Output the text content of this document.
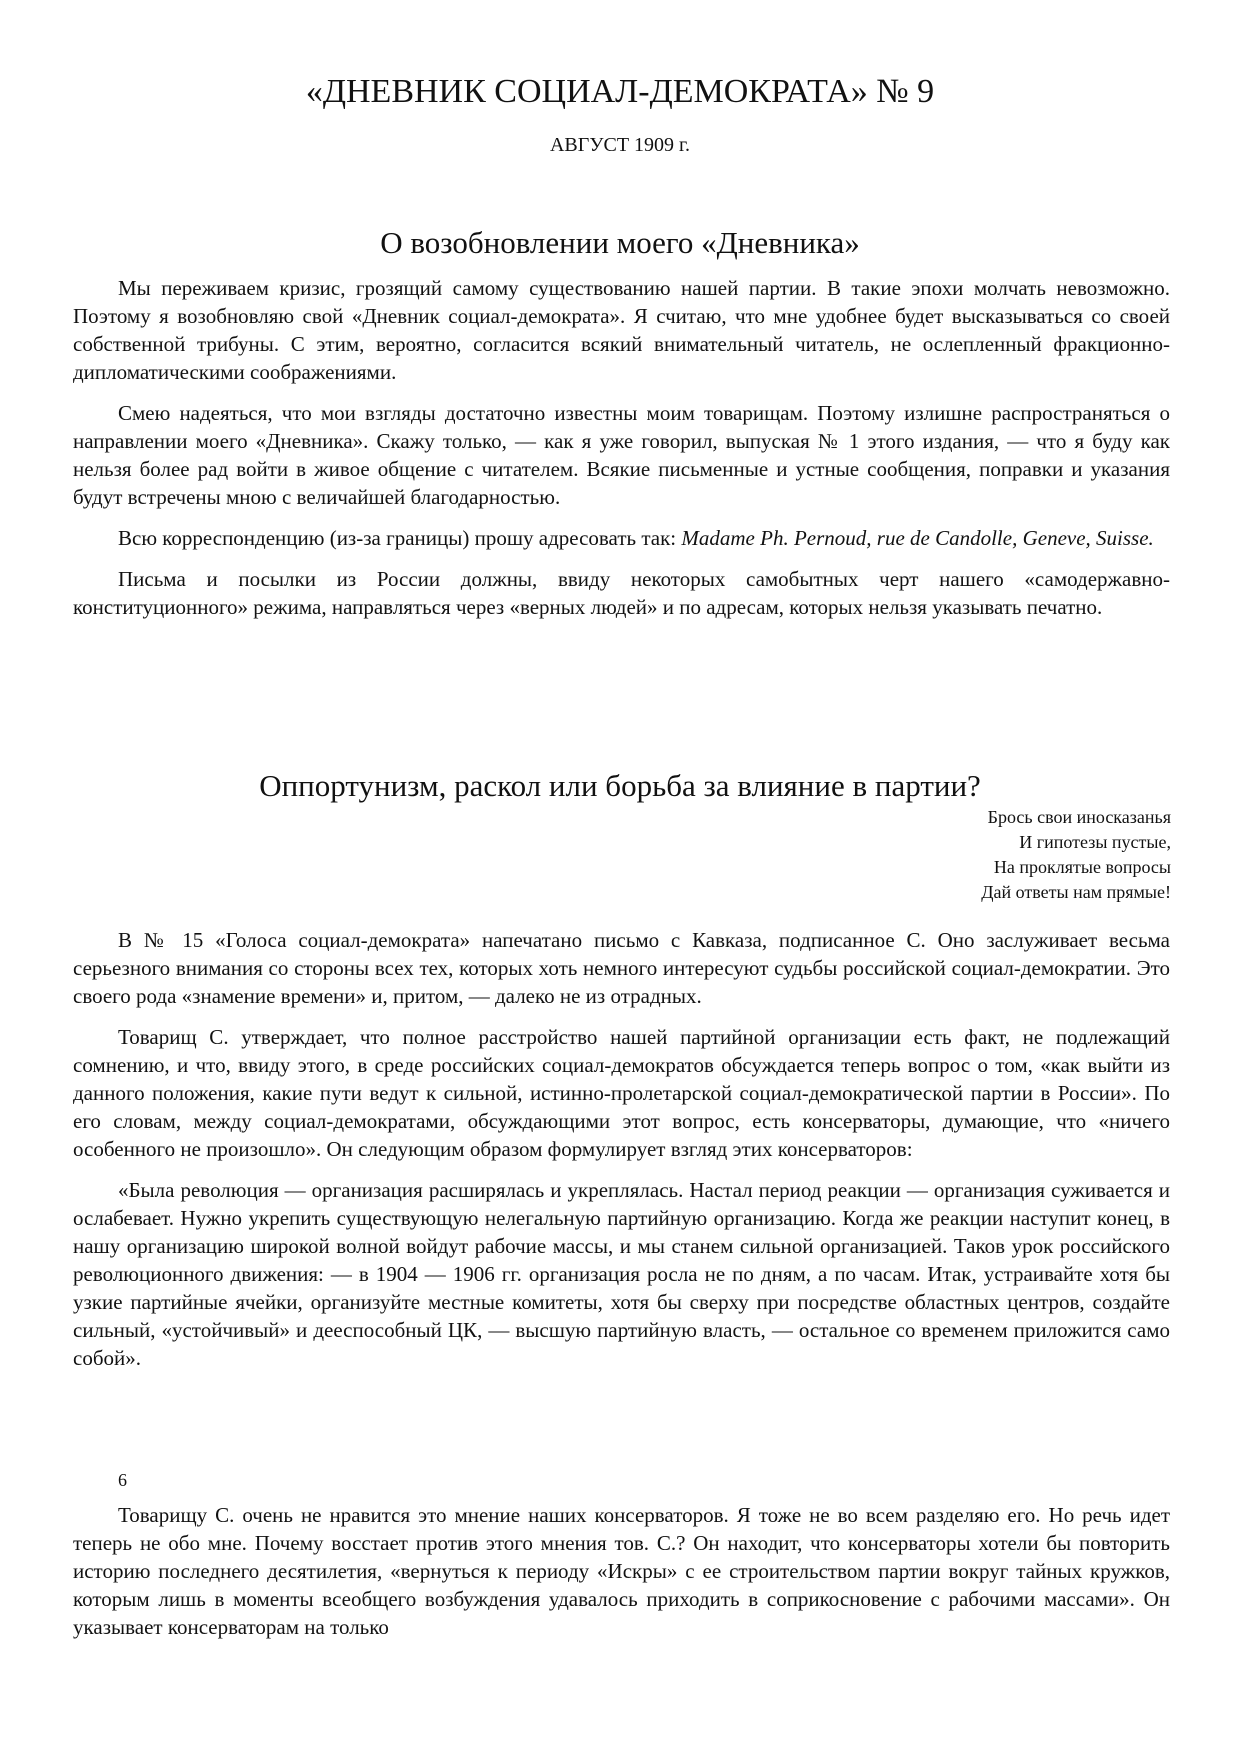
«ДНЕВНИК СОЦИАЛ-ДЕМОКРАТА» № 9
АВГУСТ 1909 г.
О возобновлении моего «Дневника»

Мы переживаем кризис, грозящий самому существованию нашей партии. В такие эпохи молчать невозможно. Поэтому я возобновляю свой «Дневник социал-демократа». Я считаю, что мне удобнее будет высказываться со своей собственной трибуны. С этим, вероятно, согласится всякий внимательный читатель, не ослепленный фракционно-дипломатическими соображениями.

Смею надеяться, что мои взгляды достаточно известны моим товарищам. Поэтому излишне распространяться о направлении моего «Дневника». Скажу только, — как я уже говорил, выпуская № 1 этого издания, — что я буду как нельзя более рад войти в живое общение с читателем. Всякие письменные и устные сообщения, поправки и указания будут встречены мною с величайшей благодарностью.

Всю корреспонденцию (из-за границы) прошу адресовать так: Madame Ph. Pernoud, rue de Candolle, Geneve, Suisse.

Письма и посылки из России должны, ввиду некоторых самобытных черт нашего «самодержавно-конституционного» режима, направляться через «верных людей» и по адресам, которых нельзя указывать печатно.

Оппортунизм, раскол или борьба за влияние в партии?
Брось свои иносказанья
И гипотезы пустые,
На проклятые вопросы
Дай ответы нам прямые!

В № 15 «Голоса социал-демократа» напечатано письмо с Кавказа, подписанное С. Оно заслуживает весьма серьезного внимания со стороны всех тех, которых хоть немного интересуют судьбы российской социал-демократии. Это своего рода «знамение времени» и, притом, — далеко не из отрадных.

Товарищ С. утверждает, что полное расстройство нашей партийной организации есть факт, не подлежащий сомнению, и что, ввиду этого, в среде российских социал-демократов обсуждается теперь вопрос о том, «как выйти из данного положения, какие пути ведут к сильной, истинно-пролетарской социал-демократической партии в России». По его словам, между социал-демократами, обсуждающими этот вопрос, есть консерваторы, думающие, что «ничего особенного не произошло». Он следующим образом формулирует взгляд этих консерваторов:

«Была революция — организация расширялась и укреплялась. Настал период реакции — организация суживается и ослабевает. Нужно укрепить существующую нелегальную партийную организацию. Когда же реакции наступит конец, в нашу организацию широкой волной войдут рабочие массы, и мы станем сильной организацией. Таков урок российского революционного движения: — в 1904 — 1906 гг. организация росла не по дням, а по часам. Итак, устраивайте хотя бы узкие партийные ячейки, организуйте местные комитеты, хотя бы сверху при посредстве областных центров, создайте сильный, «устойчивый» и дееспособный ЦК, — высшую партийную власть, — остальное со временем приложится само собой».

6

Товарищу С. очень не нравится это мнение наших консерваторов. Я тоже не во всем разделяю его. Но речь идет теперь не обо мне. Почему восстает против этого мнения тов. С.? Он находит, что консерваторы хотели бы повторить историю последнего десятилетия, «вернуться к периоду «Искры» с ее строительством партии вокруг тайных кружков, которым лишь в моменты всеобщего возбуждения удавалось приходить в соприкосновение с рабочими массами». Он указывает консерваторам на только
